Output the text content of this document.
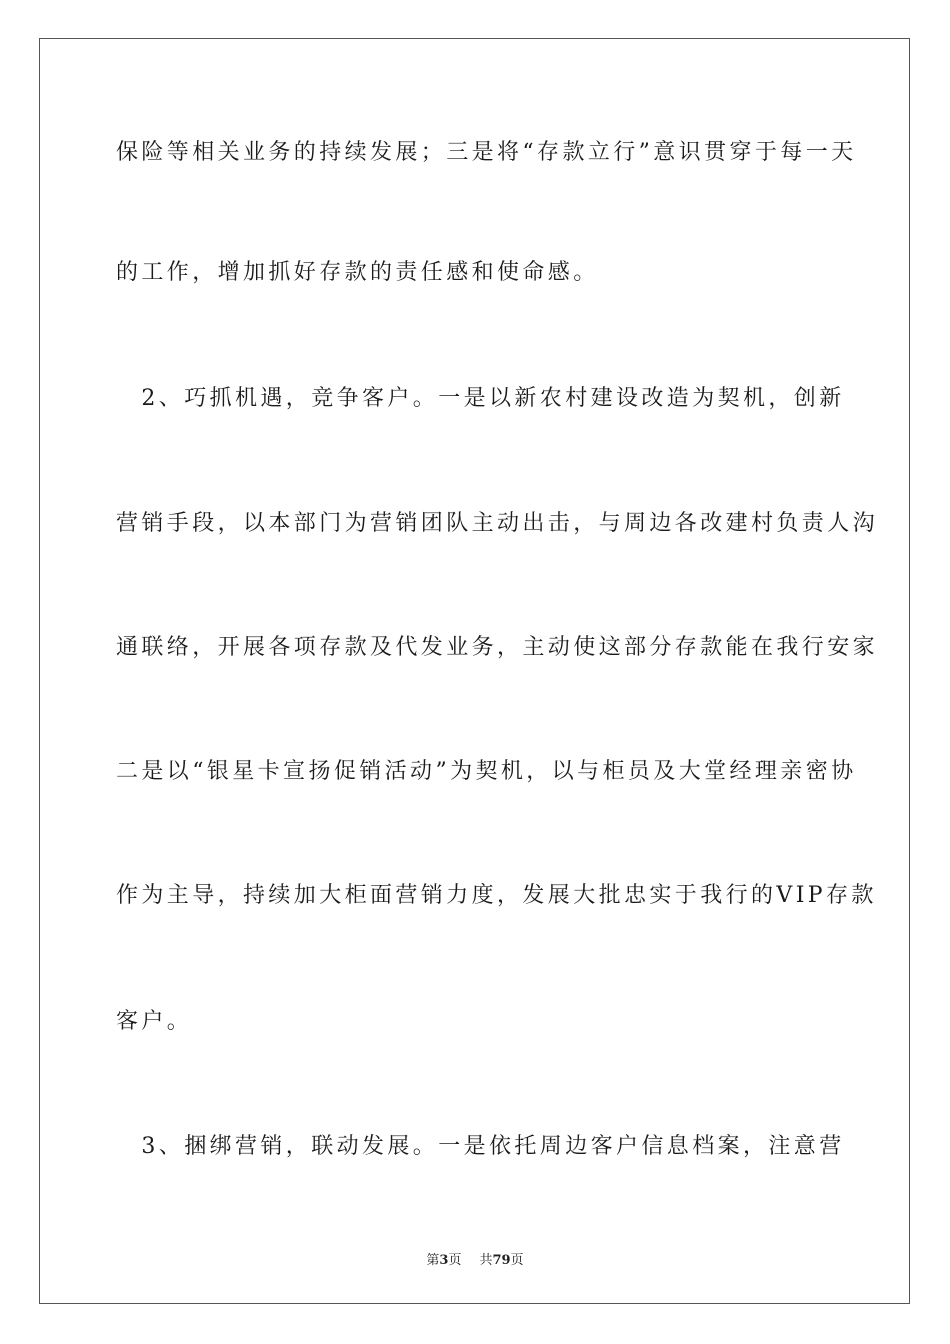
保险等相关业务的持续发展；三是将“存款立行”意识贯穿于每一天
的工作，增加抓好存款的责任感和使命感。
　2、巧抓机遇，竞争客户。一是以新农村建设改造为契机，创新
营销手段，以本部门为营销团队主动出击，与周边各改建村负责人沟
通联络，开展各项存款及代发业务，主动使这部分存款能在我行安家
二是以“银星卡宣扬促销活动”为契机，以与柜员及大堂经理亲密协
作为主导，持续加大柜面营销力度，发展大批忠实于我行的VIP存款
客户。
　3、捆绑营销，联动发展。一是依托周边客户信息档案，注意营
第3页 共79页
